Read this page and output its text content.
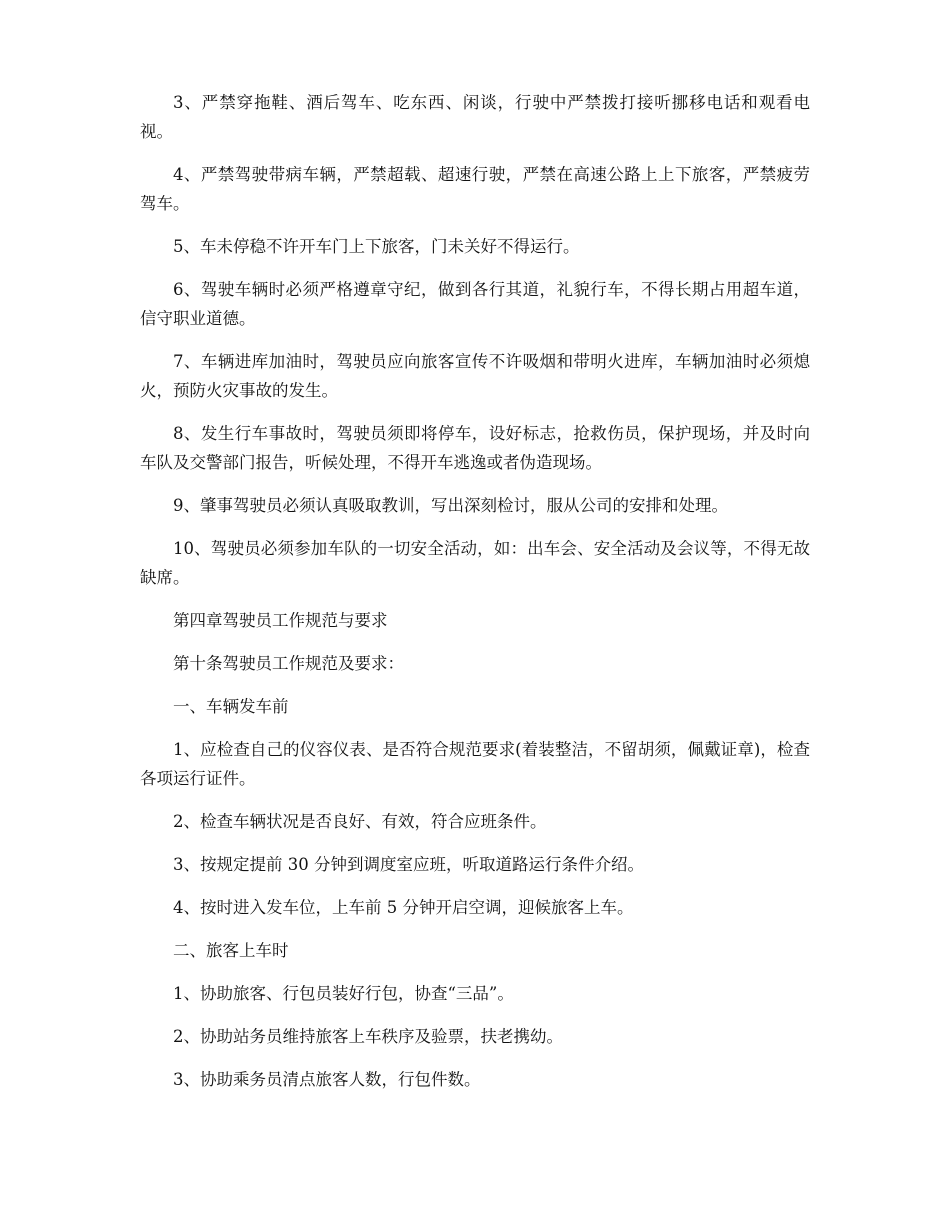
3、严禁穿拖鞋、酒后驾车、吃东西、闲谈，行驶中严禁拨打接听挪移电话和观看电视。

4、严禁驾驶带病车辆，严禁超载、超速行驶，严禁在高速公路上上下旅客，严禁疲劳驾车。

5、车未停稳不许开车门上下旅客，门未关好不得运行。

6、驾驶车辆时必须严格遵章守纪，做到各行其道，礼貌行车，不得长期占用超车道，信守职业道德。

7、车辆进库加油时，驾驶员应向旅客宣传不许吸烟和带明火进库，车辆加油时必须熄火，预防火灾事故的发生。

8、发生行车事故时，驾驶员须即将停车，设好标志，抢救伤员，保护现场，并及时向车队及交警部门报告，听候处理，不得开车逃逸或者伪造现场。

9、肇事驾驶员必须认真吸取教训，写出深刻检讨，服从公司的安排和处理。

10、驾驶员必须参加车队的一切安全活动，如：出车会、安全活动及会议等，不得无故缺席。

第四章驾驶员工作规范与要求

第十条驾驶员工作规范及要求：

一、车辆发车前

1、应检查自己的仪容仪表、是否符合规范要求(着装整洁，不留胡须，佩戴证章)，检查各项运行证件。

2、检查车辆状况是否良好、有效，符合应班条件。

3、按规定提前 30 分钟到调度室应班，听取道路运行条件介绍。

4、按时进入发车位，上车前 5 分钟开启空调，迎候旅客上车。

二、旅客上车时

1、协助旅客、行包员装好行包，协查“三品”。

2、协助站务员维持旅客上车秩序及验票，扶老携幼。

3、协助乘务员清点旅客人数，行包件数。
